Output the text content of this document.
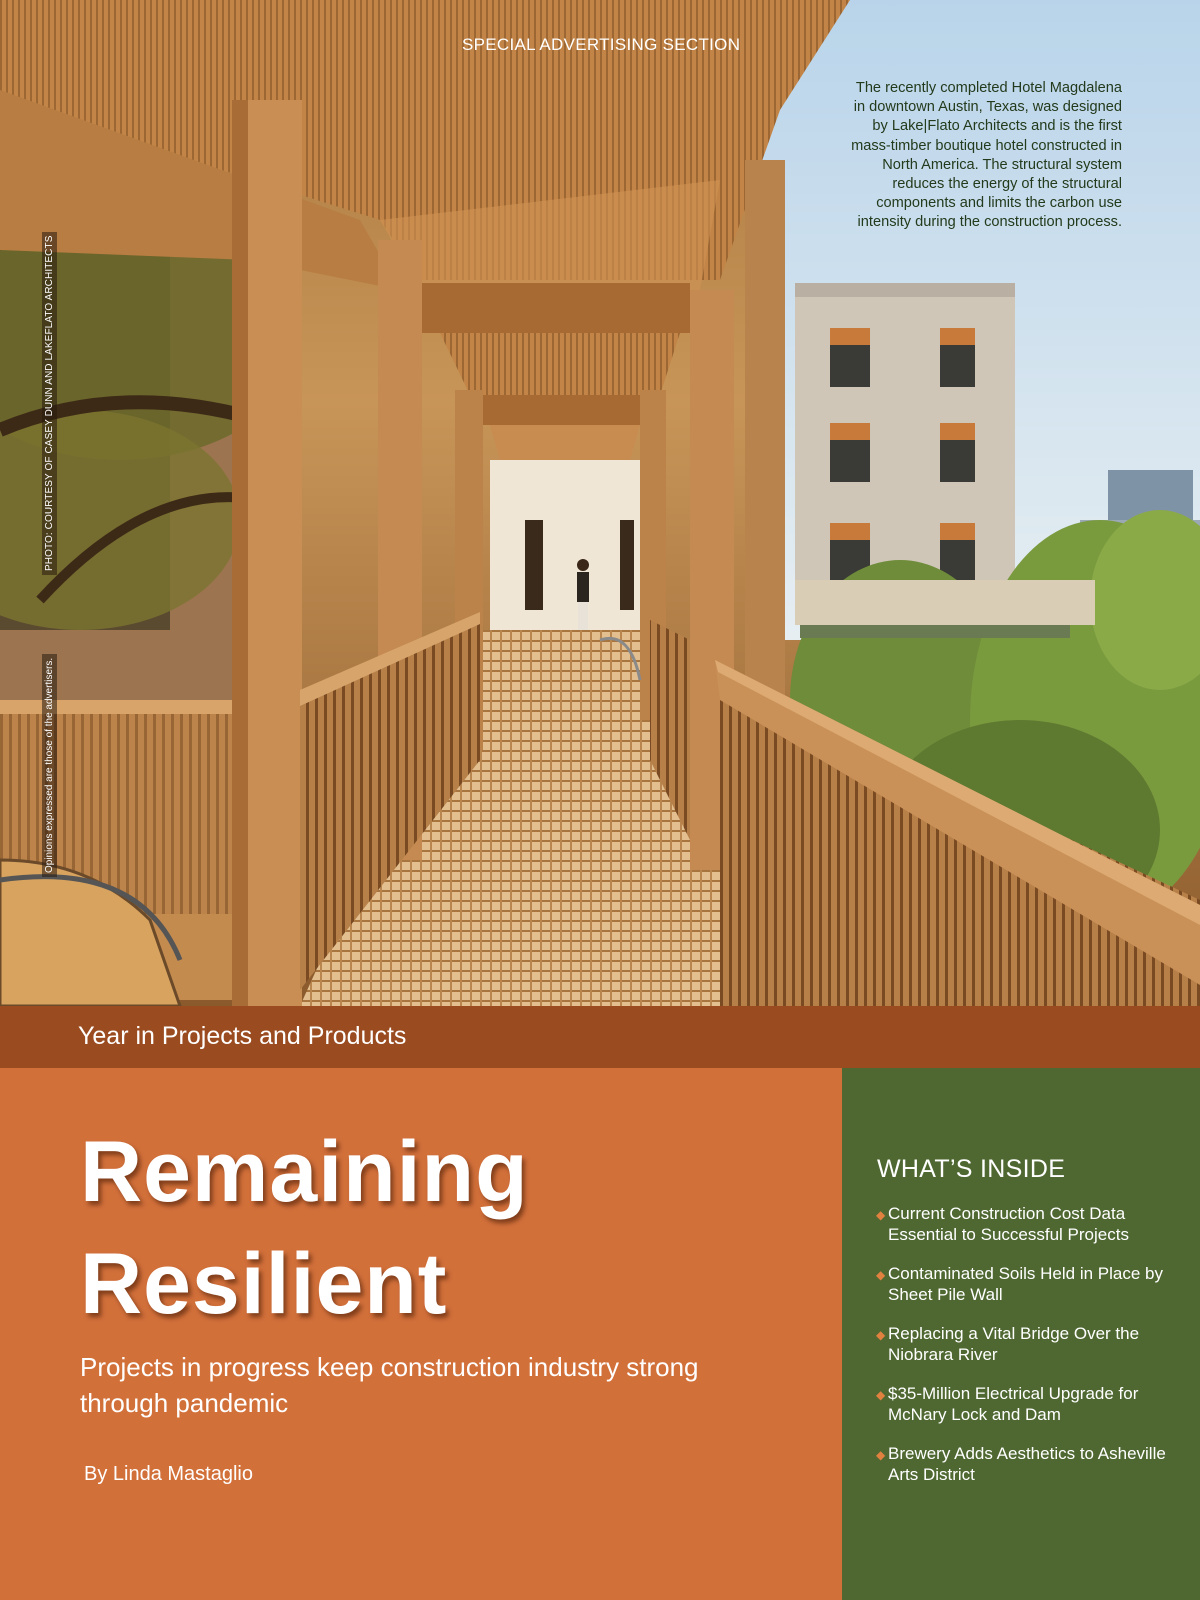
SPECIAL ADVERTISING SECTION
The recently completed Hotel Magdalena in downtown Austin, Texas, was designed by Lake|Flato Architects and is the first mass-timber boutique hotel constructed in North America. The structural system reduces the energy of the structural components and limits the carbon use intensity during the construction process.
PHOTO: COURTESY OF CASEY DUNN AND LAKEFLATO ARCHITECTS
Opinions expressed are those of the advertisers.
Year in Projects and Products
Remaining
Resilient
Projects in progress keep construction industry strong through pandemic
By Linda Mastaglio
WHAT’S INSIDE
◆ Current Construction Cost Data Essential to Successful Projects
◆ Contaminated Soils Held in Place by Sheet Pile Wall
◆ Replacing a Vital Bridge Over the Niobrara River
◆ $35-Million Electrical Upgrade for McNary Lock and Dam
◆ Brewery Adds Aesthetics to Asheville Arts District
